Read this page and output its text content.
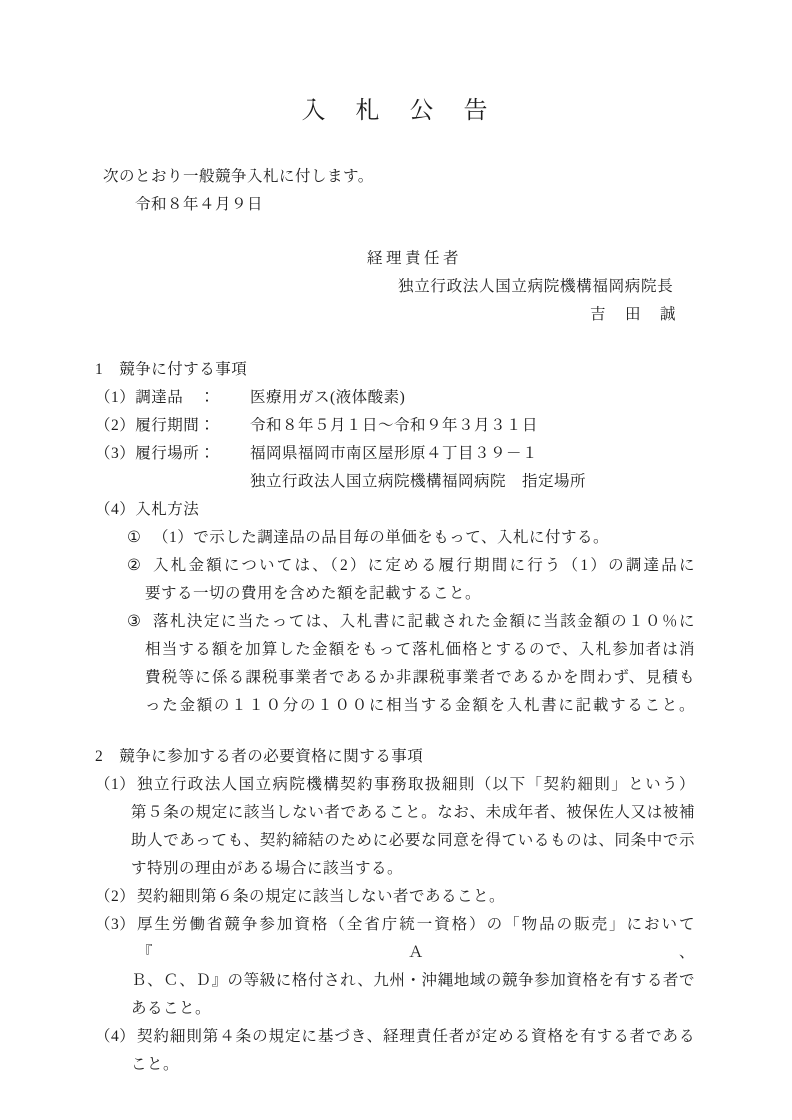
入　札　公　告
次のとおり一般競争入札に付します。
令和８年４月９日
経理責任者
独立行政法人国立病院機構福岡病院長
吉　田　誠
1　競争に付する事項
（1）調達品　： 医療用ガス(液体酸素)
（2）履行期間： 令和８年５月１日～令和９年３月３１日
（3）履行場所： 福岡県福岡市南区屋形原４丁目３９－１
独立行政法人国立病院機構福岡病院　指定場所
（4）入札方法
① （1）で示した調達品の品目毎の単価をもって、入札に付する。
② 入札金額については、（2）に定める履行期間に行う（1）の調達品に
要する一切の費用を含めた額を記載すること。
③ 落札決定に当たっては、入札書に記載された金額に当該金額の１０％に
相当する額を加算した金額をもって落札価格とするので、入札参加者は消
費税等に係る課税事業者であるか非課税事業者であるかを問わず、見積も
った金額の１１０分の１００に相当する金額を入札書に記載すること。
2　競争に参加する者の必要資格に関する事項
（1） 独立行政法人国立病院機構契約事務取扱細則（以下「契約細則」という）
第５条の規定に該当しない者であること。なお、未成年者、被保佐人又は被補
助人であっても、契約締結のために必要な同意を得ているものは、同条中で示
す特別の理由がある場合に該当する。
（2） 契約細則第６条の規定に該当しない者であること。
（3） 厚生労働省競争参加資格（全省庁統一資格）の「物品の販売」において『Ａ、
Ｂ、Ｃ、Ｄ』の等級に格付され、九州・沖縄地域の競争参加資格を有する者で
あること。
（4） 契約細則第４条の規定に基づき、経理責任者が定める資格を有する者である
こと。
